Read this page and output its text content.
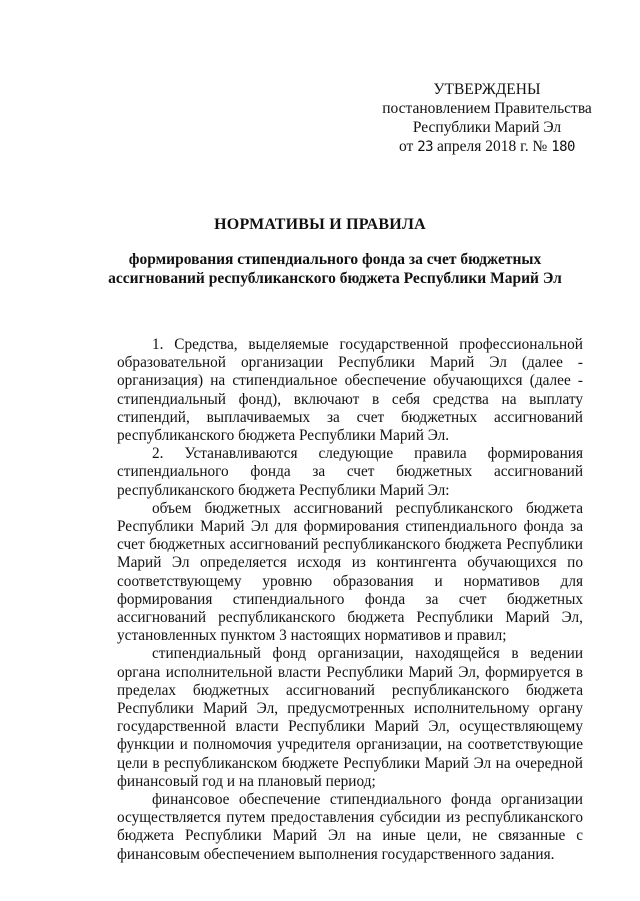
УТВЕРЖДЕНЫ
постановлением Правительства
Республики Марий Эл
от 23 апреля 2018 г. № 180
НОРМАТИВЫ И ПРАВИЛА
формирования стипендиального фонда за счет бюджетных ассигнований республиканского бюджета Республики Марий Эл

1. Средства, выделяемые государственной профессиональной образовательной организации Республики Марий Эл (далее - организация) на стипендиальное обеспечение обучающихся (далее - стипендиальный фонд), включают в себя средства на выплату стипендий, выплачиваемых за счет бюджетных ассигнований республиканского бюджета Республики Марий Эл.

2. Устанавливаются следующие правила формирования стипендиального фонда за счет бюджетных ассигнований республиканского бюджета Республики Марий Эл:

объем бюджетных ассигнований республиканского бюджета Республики Марий Эл для формирования стипендиального фонда за счет бюджетных ассигнований республиканского бюджета Республики Марий Эл определяется исходя из контингента обучающихся по соответствующему уровню образования и нормативов для формирования стипендиального фонда за счет бюджетных ассигнований республиканского бюджета Республики Марий Эл, установленных пунктом 3 настоящих нормативов и правил;

стипендиальный фонд организации, находящейся в ведении органа исполнительной власти Республики Марий Эл, формируется в пределах бюджетных ассигнований республиканского бюджета Республики Марий Эл, предусмотренных исполнительному органу государственной власти Республики Марий Эл, осуществляющему функции и полномочия учредителя организации, на соответствующие цели в республиканском бюджете Республики Марий Эл на очередной финансовый год и на плановый период;

финансовое обеспечение стипендиального фонда организации осуществляется путем предоставления субсидии из республиканского бюджета Республики Марий Эл на иные цели, не связанные с финансовым обеспечением выполнения государственного задания.
